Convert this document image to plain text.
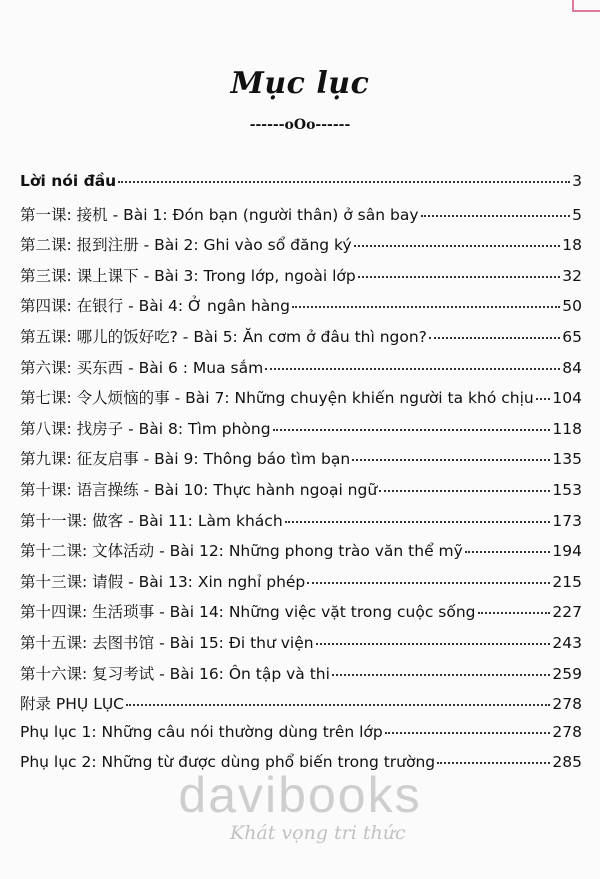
Mục lục
------oOo------
Lời nói đầu	3
第一课: 接机 - Bài 1: Đón bạn (người thân) ở sân bay	5
第二课: 报到注册 - Bài 2: Ghi vào sổ đăng ký	18
第三课: 课上课下 - Bài 3: Trong lớp, ngoài lớp	32
第四课: 在银行 - Bài 4: Ở ngân hàng	50
第五课: 哪儿的饭好吃? - Bài 5: Ăn cơm ở đâu thì ngon?	65
第六课: 买东西 - Bài 6 : Mua sắm	84
第七课: 令人烦恼的事 - Bài 7: Những chuyện khiến người ta khó chịu 104
第八课: 找房子 - Bài 8: Tìm phòng	118
第九课: 征友启事 - Bài 9: Thông báo tìm bạn	135
第十课: 语言操练 - Bài 10: Thực hành ngoại ngữ	153
第十一课: 做客 - Bài 11: Làm khách	173
第十二课: 文体活动 - Bài 12: Những phong trào văn thể mỹ	194
第十三课: 请假 - Bài 13: Xin nghỉ phép	215
第十四课: 生活琐事 - Bài 14: Những việc vặt trong cuộc sống	227
第十五课: 去图书馆 - Bài 15: Đi thư viện	243
第十六课: 复习考试 - Bài 16: Ôn tập và thi	259
附录 PHỤ LỤC	278
Phụ lục 1: Những câu nói thường dùng trên lớp	278
Phụ lục 2: Những từ được dùng phổ biến trong trường	285
davibooks
Khát vọng tri thức
